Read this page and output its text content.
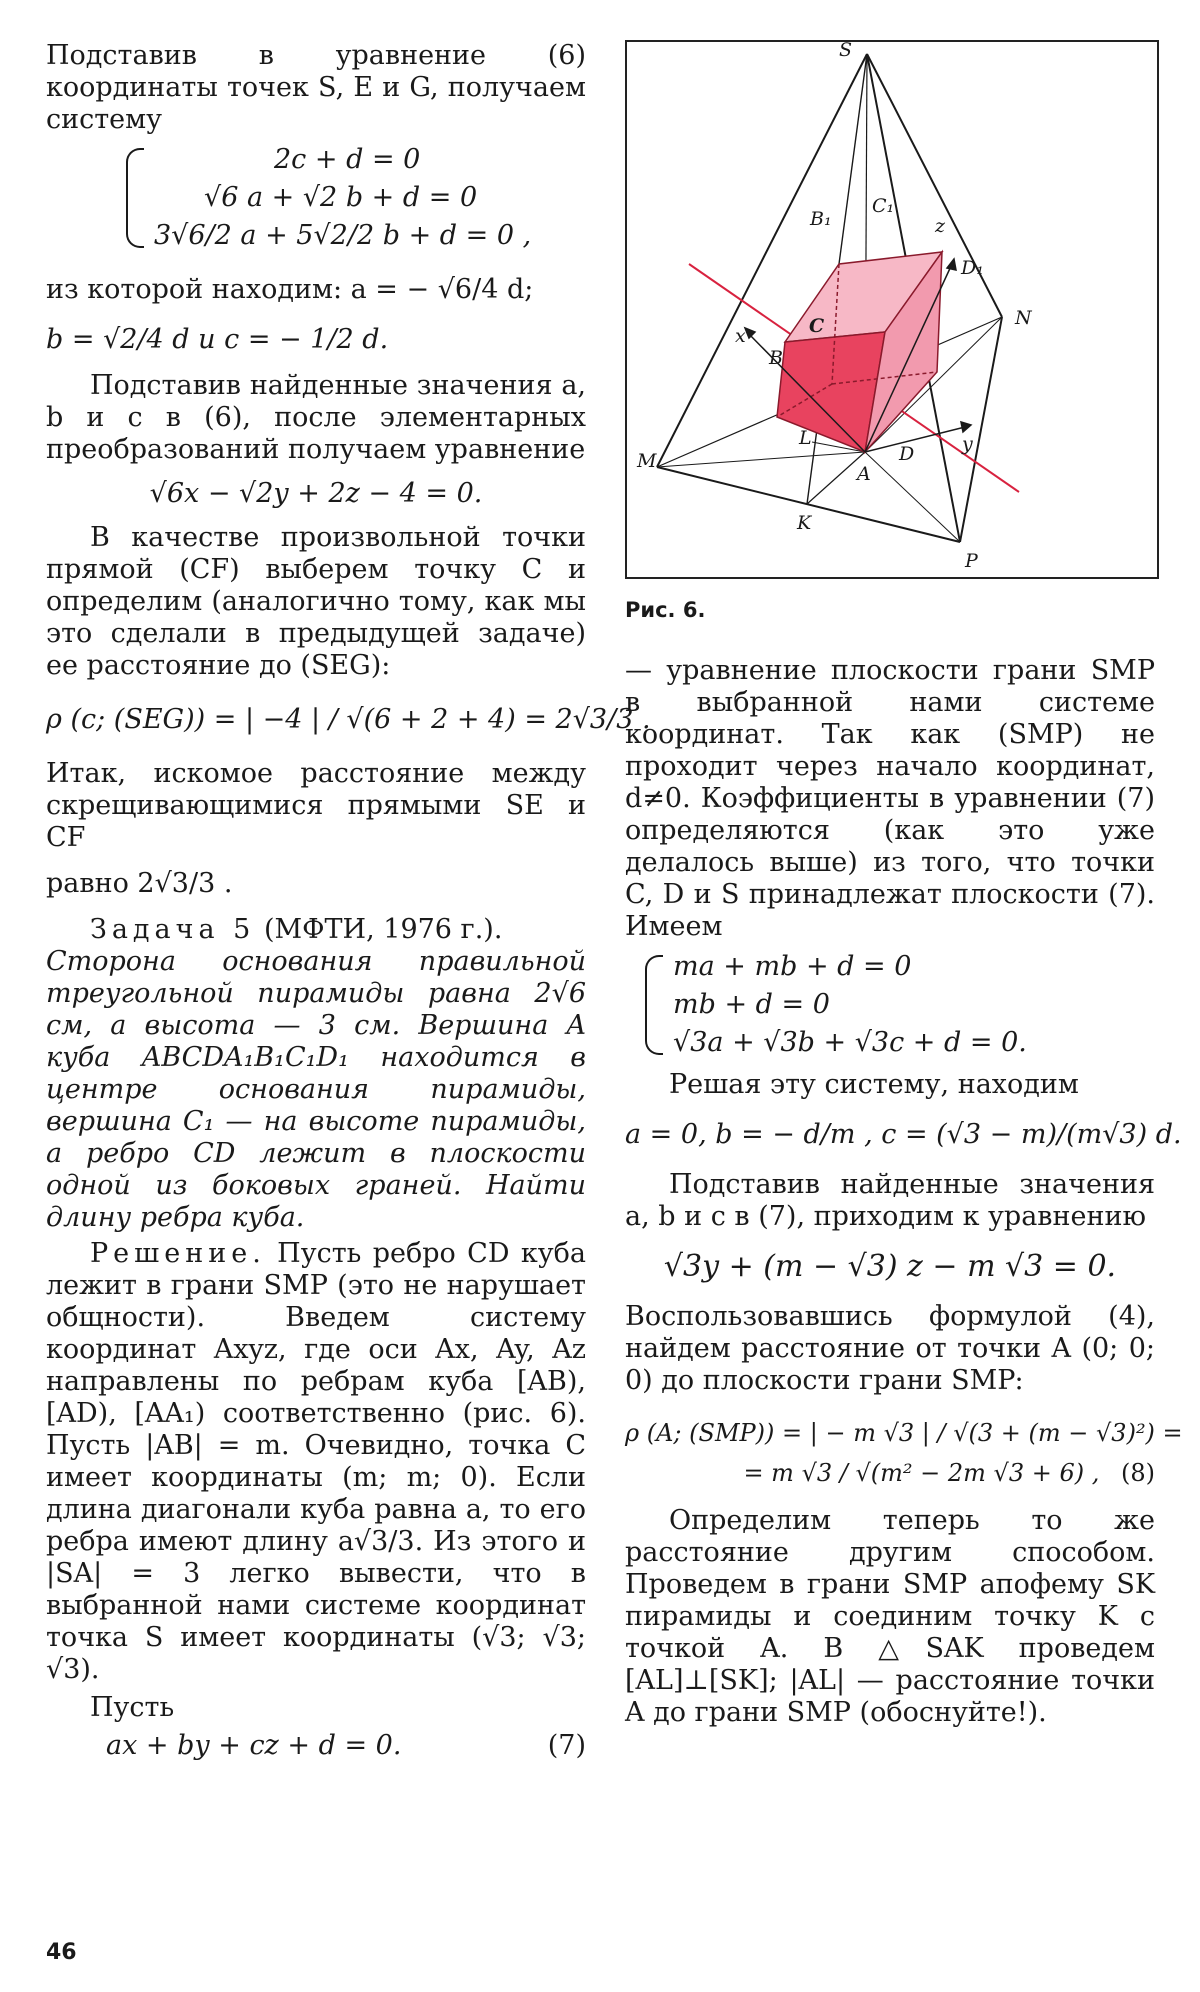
Подставив в уравнение (6) координаты точек S, E и G, получаем систему

2c + d = 0
√6 a + √2 b + d = 0
3√6/2 a + 5√2/2 b + d = 0 ,

из которой находим: a = − √6/4 d;

b = √2/4 d и c = − 1/2 d.

Подставив найденные значения a, b и c в (6), после элементарных преобразований получаем уравнение

√6x − √2y + 2z − 4 = 0.

В качестве произвольной точки прямой (CF) выберем точку C и определим (аналогично тому, как мы это сделали в предыдущей задаче) ее расстояние до (SEG):

ρ (c; (SEG)) = | −4 | / √(6 + 2 + 4) = 2√3/3 .

Итак, искомое расстояние между скрещивающимися прямыми SE и CF

равно 2√3/3 .

Задача 5 (МФТИ, 1976 г.).

Сторона основания правильной треугольной пирамиды равна 2√6 см, а высота — 3 см. Вершина A куба ABCDA₁B₁C₁D₁ находится в центре основания пирамиды, вершина C₁ — на высоте пирамиды, а ребро CD лежит в плоскости одной из боковых граней. Найти длину ребра куба.

Решение. Пусть ребро CD куба лежит в грани SMP (это не нарушает общности). Введем систему координат Axyz, где оси Ax, Ay, Az направлены по ребрам куба [AB), [AD), [AA₁) соответственно (рис. 6). Пусть |AB| = m. Очевидно, точка C имеет координаты (m; m; 0). Если длина диагонали куба равна a, то его ребра имеют длину a√3/3. Из этого и |SA| = 3 легко вывести, что в выбранной нами системе координат точка S имеет координаты (√3; √3; √3).

Пусть

ax + by + cz + d = 0.	(7)
S
C₁
B₁	z
D₁
N
C
x
B
L
A
D	y
M
K
P
Рис. 6.

— уравнение плоскости грани SMP в выбранной нами системе координат. Так как (SMP) не проходит через начало координат, d≠0. Коэффициенты в уравнении (7) определяются (как это уже делалось выше) из того, что точки C, D и S принадлежат плоскости (7). Имеем

ma + mb + d = 0
mb + d = 0
√3a + √3b + √3c + d = 0.

Решая эту систему, находим

a = 0, b = − d/m , c = (√3 − m)/(m√3) d.

Подставив найденные значения a, b и c в (7), приходим к уравнению

√3y + (m − √3) z − m √3 = 0.

Воспользовавшись формулой (4), найдем расстояние от точки A (0; 0; 0) до плоскости грани SMP:

ρ (A; (SMP)) = | − m √3 | / √(3 + (m − √3)²) =
= m √3 / √(m² − 2m √3 + 6) , (8)

Определим теперь то же расстояние другим способом. Проведем в грани SMP апофему SK пирамиды и соединим точку K с точкой A. В △SAK проведем [AL]⊥[SK]; |AL| — расстояние точки A до грани SMP (обоснуйте!).

46
